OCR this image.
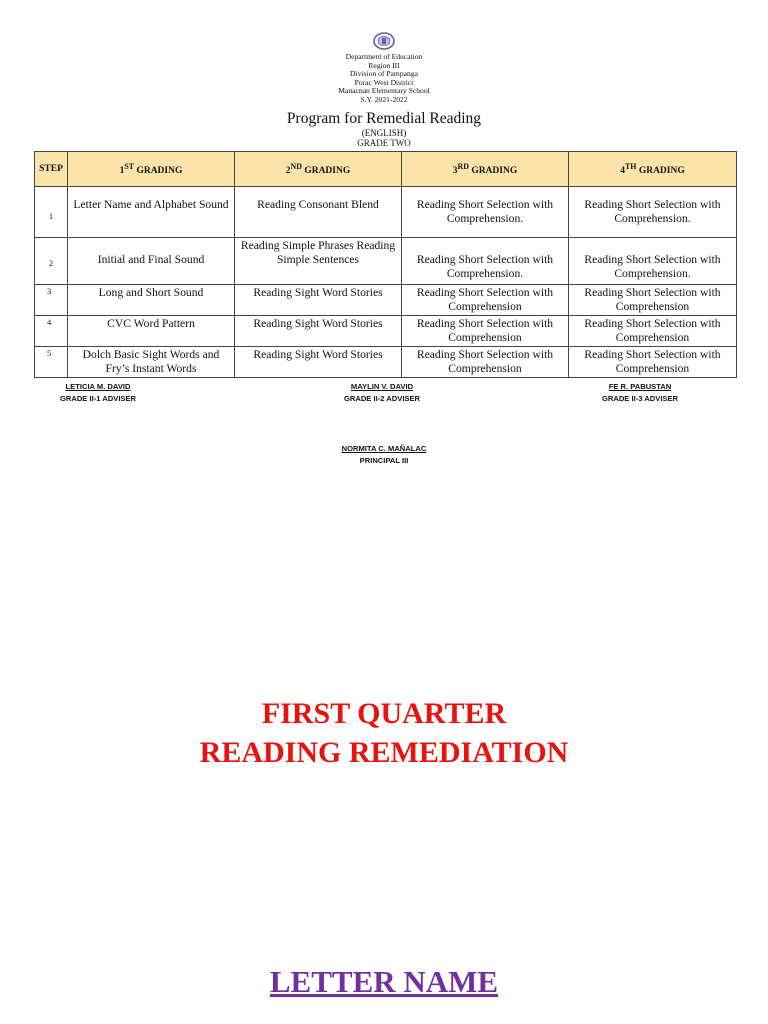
Department of Education
Region III
Division of Pampanga
Porac West District
Manacnan Elementary School
S.Y. 2021-2022
Program for Remedial Reading
(ENGLISH)
GRADE TWO
STEP	1ST GRADING	2ND GRADING	3RD GRADING	4TH GRADING
1	Letter Name and Alphabet Sound	Reading Consonant Blend	Reading Short Selection with Comprehension.	Reading Short Selection with Comprehension.
2	Initial and Final Sound	Reading Simple Phrases Reading Simple Sentences	Reading Short Selection with Comprehension.	Reading Short Selection with Comprehension.

3	Long and Short Sound	Reading Sight Word Stories	Reading Short Selection with Comprehension	Reading Short Selection with Comprehension
4	CVC Word Pattern	Reading Sight Word Stories	Reading Short Selection with Comprehension	Reading Short Selection with Comprehension
5	Dolch Basic Sight Words and Fry’s Instant Words	Reading Sight Word Stories	Reading Short Selection with Comprehension	Reading Short Selection with Comprehension
LETICIA M. DAVID
GRADE II-1 ADVISER
MAYLIN V. DAVID
GRADE II-2 ADVISER
FE R. PABUSTAN
GRADE II-3 ADVISER
NORMITA C. MAÑALAC
PRINCIPAL III
FIRST QUARTER
READING REMEDIATION
LETTER NAME
